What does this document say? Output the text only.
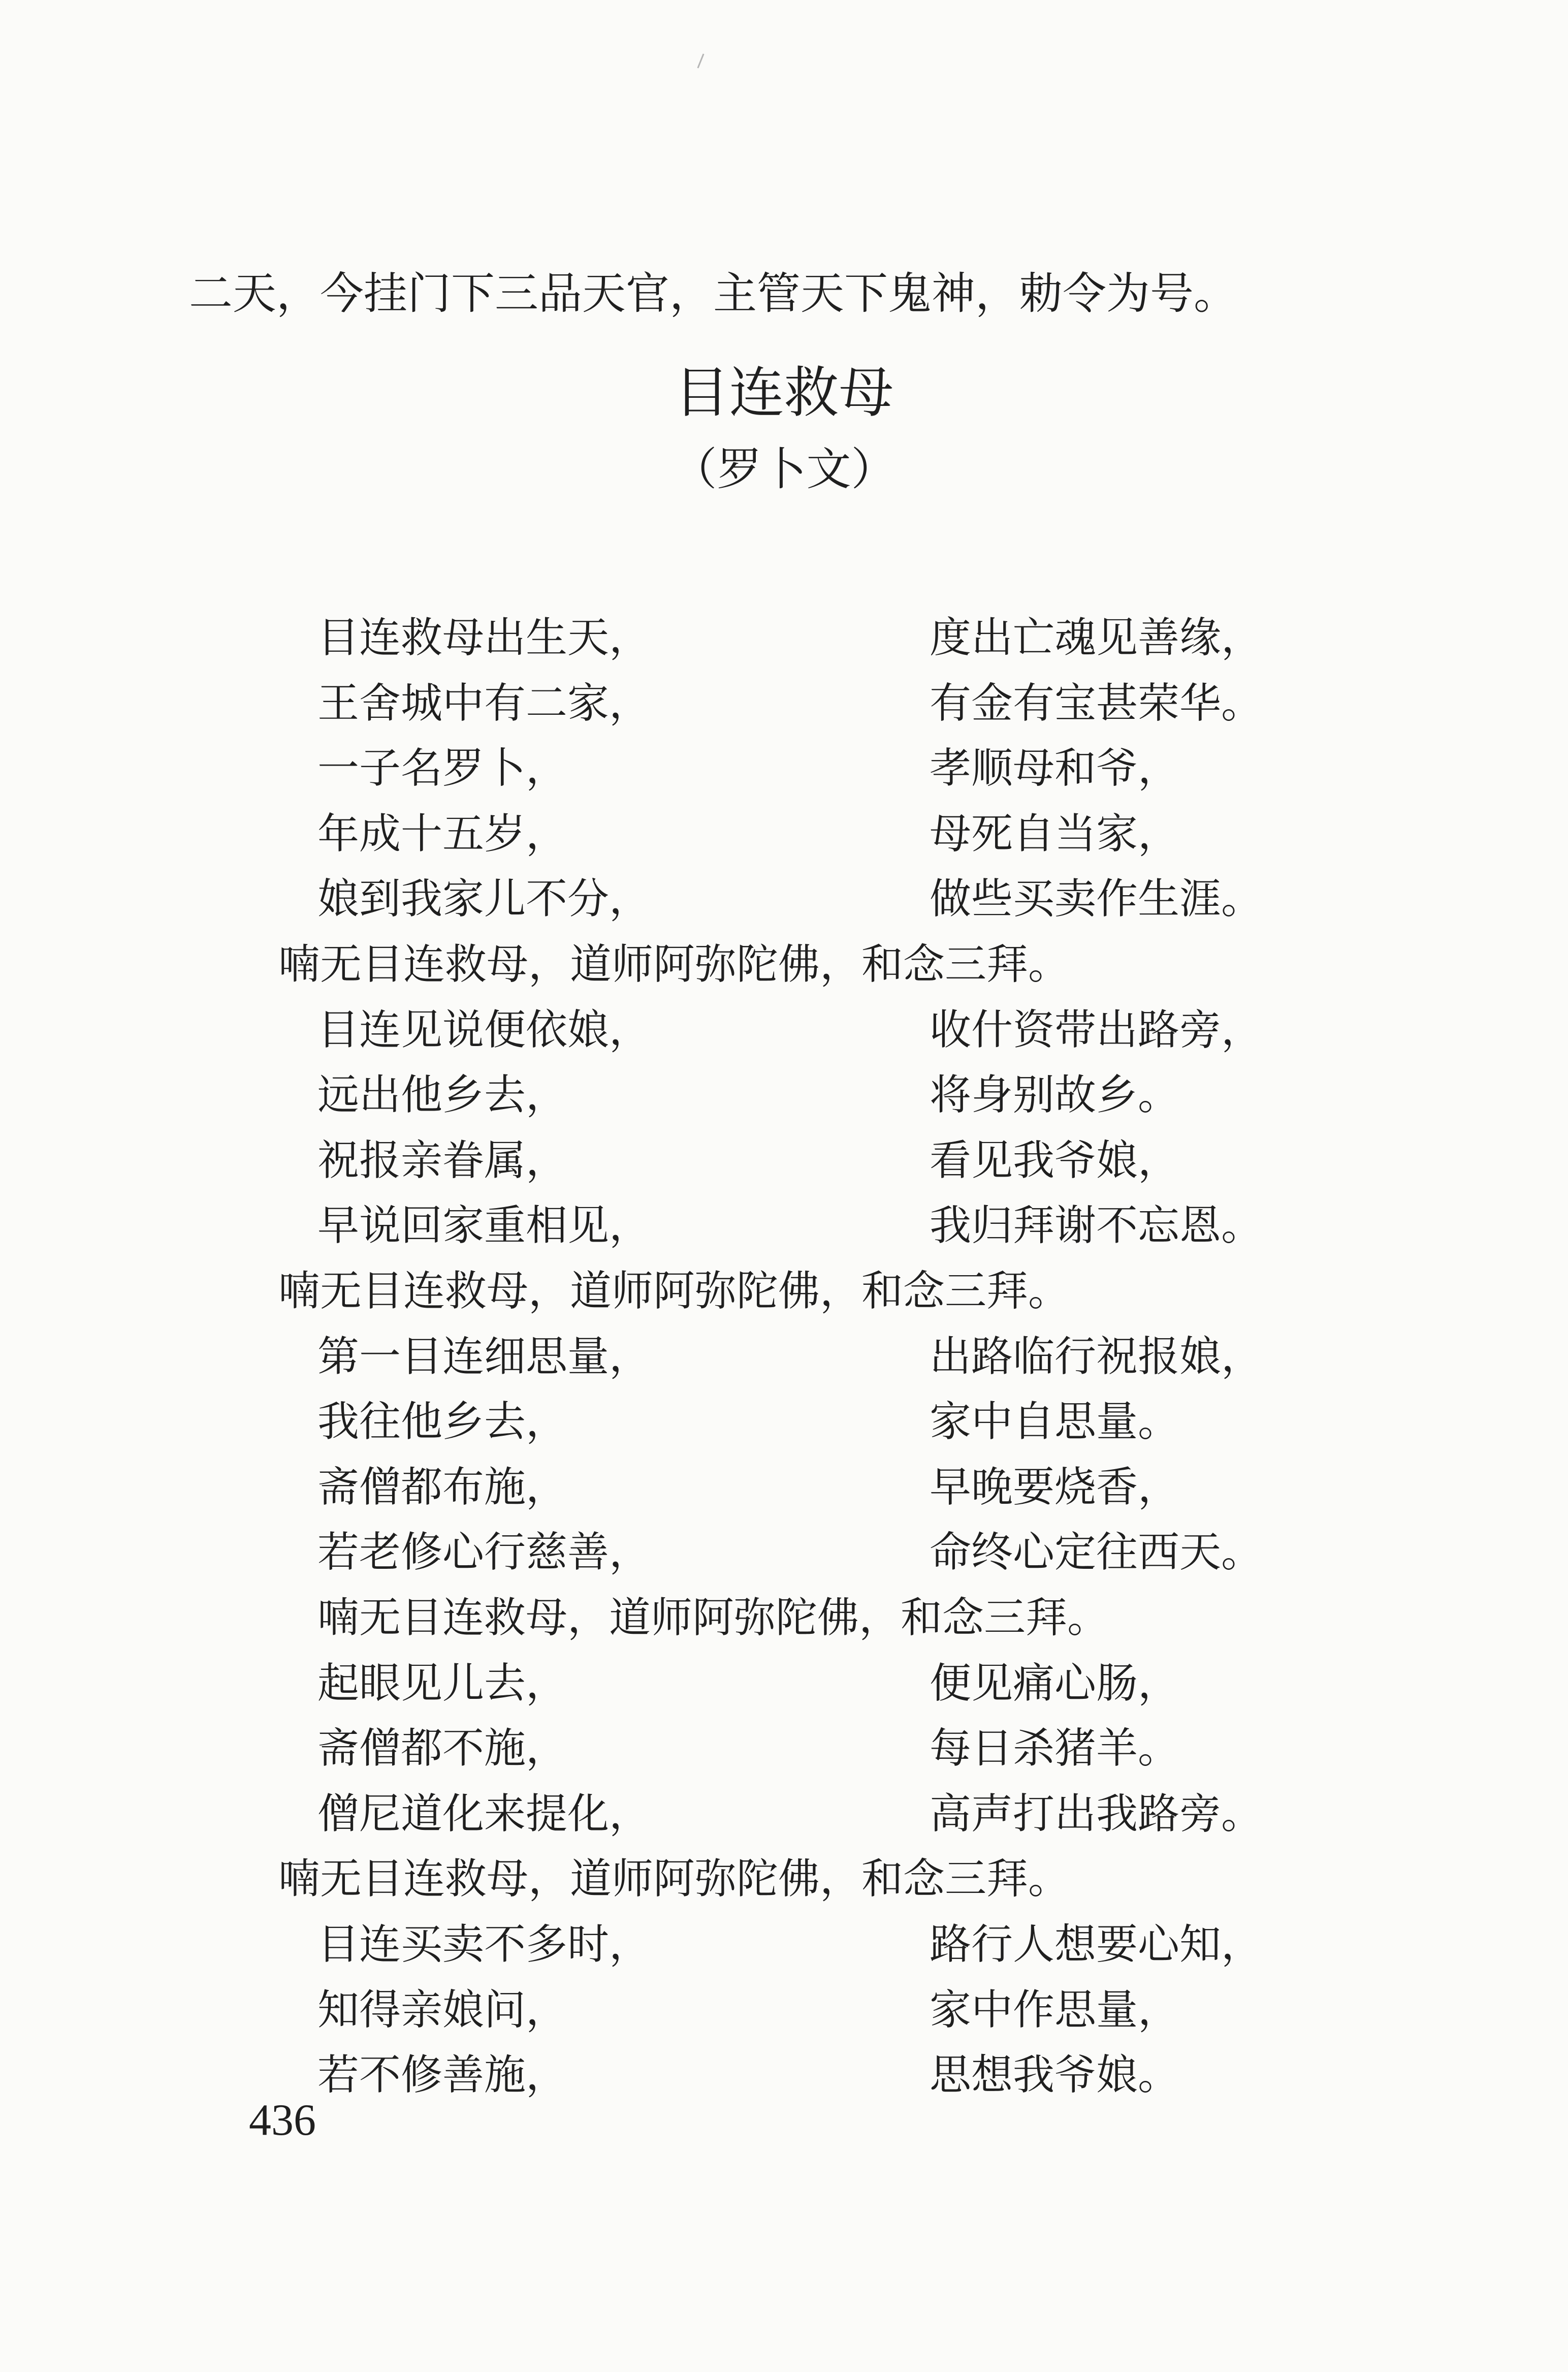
二天，今挂门下三品天官，主管天下鬼神，勅令为号。
目连救母
（罗卜文）
目连救母出生天，	度出亡魂见善缘，
王舍城中有二家，	有金有宝甚荣华。
一子名罗卜，	孝顺母和爷，
年成十五岁，	母死自当家，
娘到我家儿不分，	做些买卖作生涯。
喃无目连救母，道师阿弥陀佛，和念三拜。
目连见说便依娘，	收什资带出路旁，
远出他乡去，	将身别故乡。
祝报亲眷属，	看见我爷娘，
早说回家重相见，	我归拜谢不忘恩。
喃无目连救母，道师阿弥陀佛，和念三拜。
第一目连细思量，	出路临行祝报娘，
我往他乡去，	家中自思量。
斋僧都布施，	早晚要烧香，
若老修心行慈善，	命终心定往西天。
喃无目连救母，道师阿弥陀佛，和念三拜。
起眼见儿去，	便见痛心肠，
斋僧都不施，	每日杀猪羊。
僧尼道化来提化，	高声打出我路旁。
喃无目连救母，道师阿弥陀佛，和念三拜。
目连买卖不多时，	路行人想要心知，
知得亲娘问，	家中作思量，
若不修善施，	思想我爷娘。
436
